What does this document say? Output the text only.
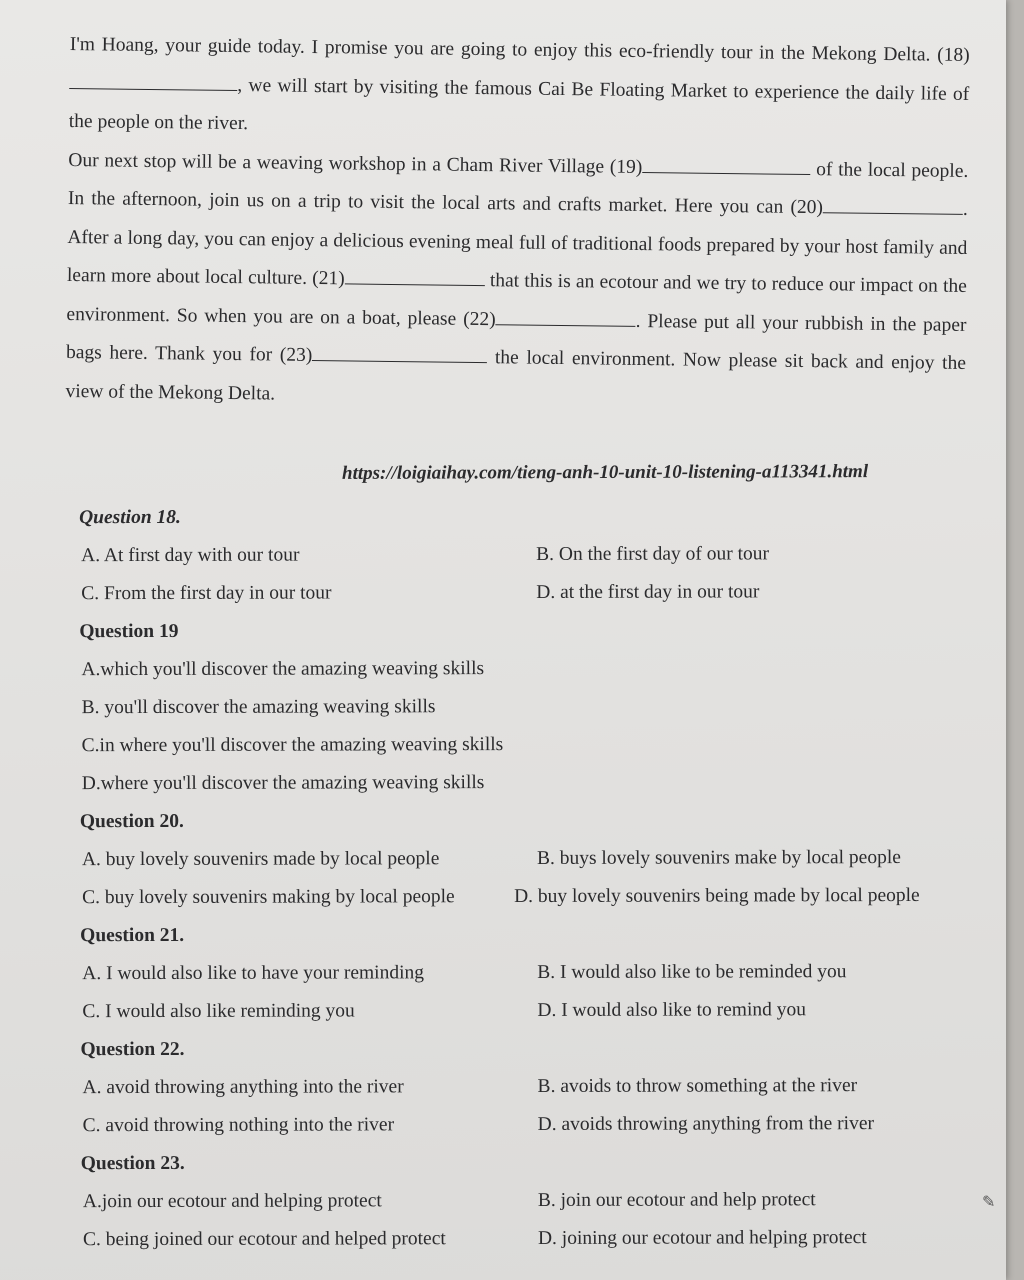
I'm Hoang, your guide today. I promise you are going to enjoy this eco-friendly tour in the Mekong Delta. (18), we will start by visiting the famous Cai Be Floating Market to experience the daily life of the people on the river.

Our next stop will be a weaving workshop in a Cham River Village (19)	of the local people. In the afternoon, join us on a trip to visit the local arts and crafts market. Here you can (20)	. After a long day, you can enjoy a delicious evening meal full of traditional foods prepared by your host family and learn more about local culture. (21)	that this is an ecotour and we try to reduce our impact on the environment. So when you are on a boat, please (22)	. Please put all your rubbish in the paper bags here. Thank you for (23)	the local environment. Now please sit back and enjoy the view of the Mekong Delta.

https://loigiaihay.com/tieng-anh-10-unit-10-listening-a113341.html
Question 18.
A. At first day with our tour	B. On the first day of our tour
C. From the first day in our tour	D. at the first day in our tour
Question 19
A.which you'll discover the amazing weaving skills
B. you'll discover the amazing weaving skills
C.in where you'll discover the amazing weaving skills
D.where you'll discover the amazing weaving skills
Question 20.
A. buy lovely souvenirs made by local people	B. buys lovely souvenirs make by local people
C. buy lovely souvenirs making by local people	D. buy lovely souvenirs being made by local people
Question 21.
A. I would also like to have your reminding	B. I would also like to be reminded you
C. I would also like reminding you	D. I would also like to remind you
Question 22.
A. avoid throwing anything into the river	B. avoids to throw something at the river
C. avoid throwing nothing into the river	D. avoids throwing anything from the river
Question 23.
A.join our ecotour and helping protect	B. join our ecotour and help protect
C. being joined our ecotour and helped protect	D. joining our ecotour and helping protect
✎
